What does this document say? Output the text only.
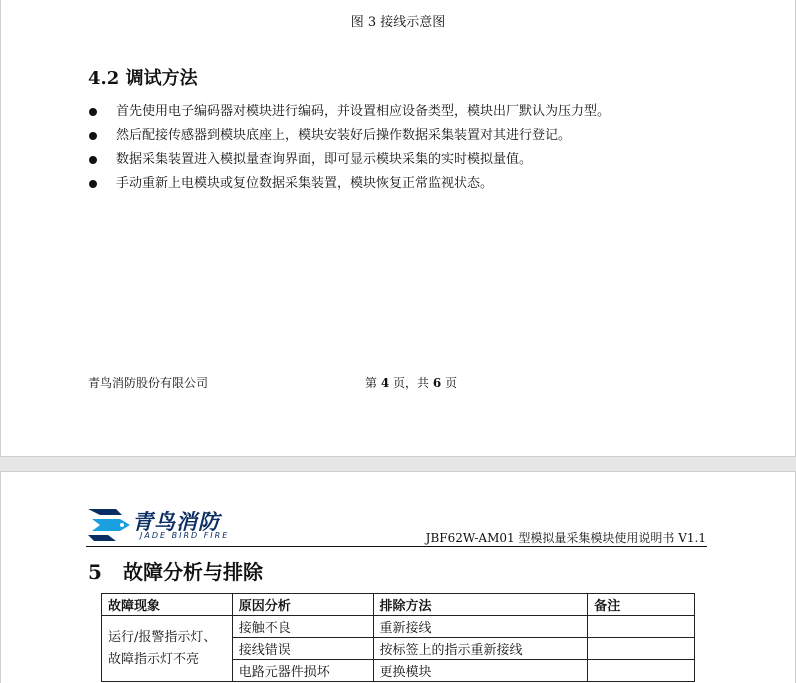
图 3 接线示意图
4.2 调试方法
首先使用电子编码器对模块进行编码，并设置相应设备类型，模块出厂默认为压力型。
然后配接传感器到模块底座上，模块安装好后操作数据采集装置对其进行登记。
数据采集装置进入模拟量查询界面，即可显示模块采集的实时模拟量值。
手动重新上电模块或复位数据采集装置，模块恢复正常监视状态。
青鸟消防股份有限公司	第 4 页，共 6 页
青鸟消防
JADE BIRD FIRE	JBF62W-AM01 型模拟量采集模块使用说明书 V1.1
5 故障分析与排除
故障现象	原因分析	排除方法	备注
运行/报警指示灯、故障指示灯不亮	接触不良	重新接线	
	接线错误	按标签上的指示重新接线	
	电路元器件损坏	更换模块	
